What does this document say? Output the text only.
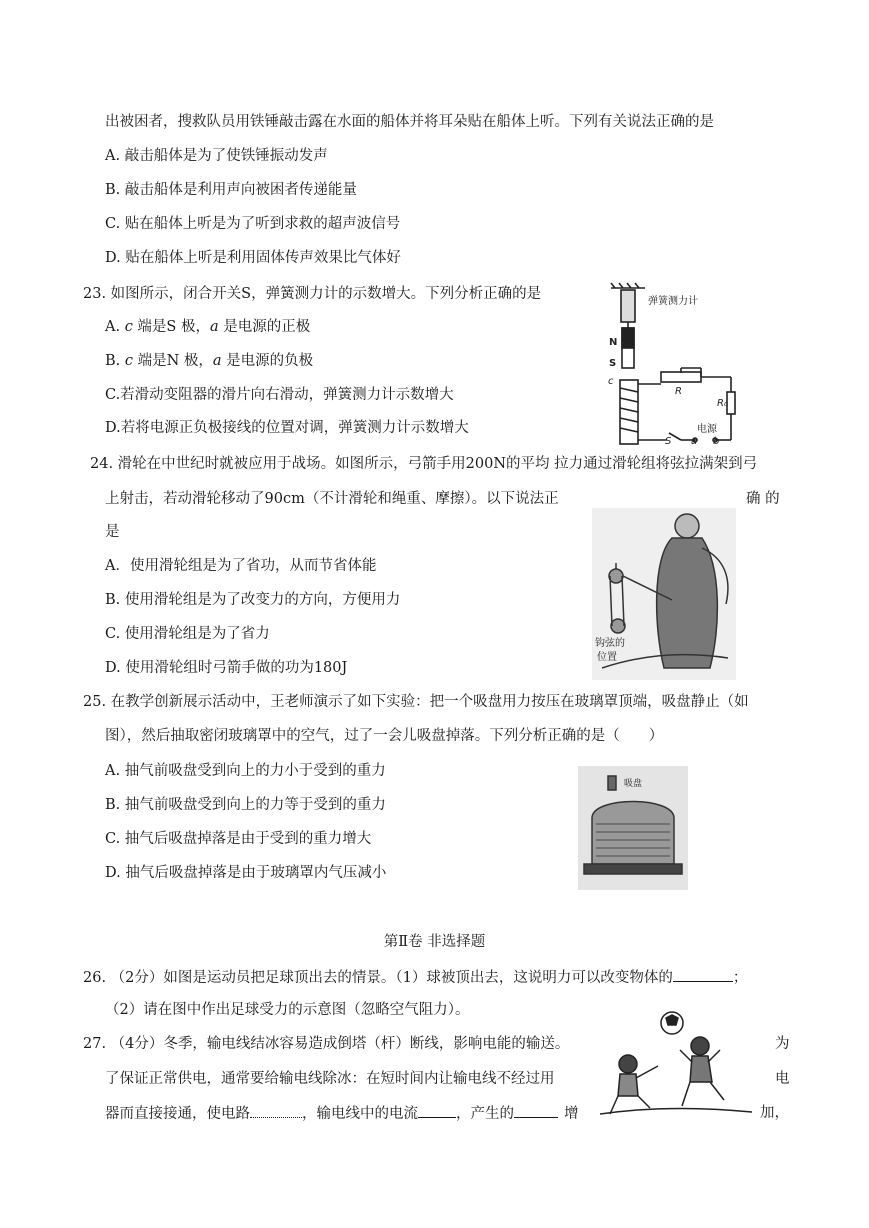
出被困者，搜救队员用铁锤敲击露在水面的船体并将耳朵贴在船体上听。下列有关说法正确的是
A. 敲击船体是为了使铁锤振动发声
B. 敲击船体是利用声向被困者传递能量
C. 贴在船体上听是为了听到求救的超声波信号
D. 贴在船体上听是利用固体传声效果比气体好
23. 如图所示，闭合开关S，弹簧测力计的示数增大。下列分析正确的是
A. c 端是S 极，a 是电源的正极
B. c 端是N 极，a 是电源的负极
C.若滑动变阻器的滑片向右滑动，弹簧测力计示数增大
D.若将电源正负极接线的位置对调，弹簧测力计示数增大
弹簧测力计
N
S
c
R
R₀
电源
S a b
24. 滑轮在中世纪时就被应用于战场。如图所示，弓箭手用200N的平均 拉力通过滑轮组将弦拉满架到弓
上射击，若动滑轮移动了90cm（不计滑轮和绳重、摩擦）。以下说法正	确 的
是
A．使用滑轮组是为了省功，从而节省体能
B. 使用滑轮组是为了改变力的方向，方便用力
C. 使用滑轮组是为了省力
D. 使用滑轮组时弓箭手做的功为180J
钩弦的
位置
25. 在教学创新展示活动中，王老师演示了如下实验：把一个吸盘用力按压在玻璃罩顶端，吸盘静止（如
图），然后抽取密闭玻璃罩中的空气，过了一会儿吸盘掉落。下列分析正确的是（　　）
A. 抽气前吸盘受到向上的力小于受到的重力
B. 抽气前吸盘受到向上的力等于受到的重力
C. 抽气后吸盘掉落是由于受到的重力增大
D. 抽气后吸盘掉落是由于玻璃罩内气压减小
吸盘
第Ⅱ卷 非选择题
26. （2分）如图是运动员把足球顶出去的情景。（1）球被顶出去，这说明力可以改变物体的	；
（2）请在图中作出足球受力的示意图（忽略空气阻力）。
27. （4分）冬季，输电线结冰容易造成倒塔（杆）断线，影响电能的输送。	为
了保证正常供电，通常要给输电线除冰：在短时间内让输电线不经过用	电
器而直接接通，使电路	，输电线中的电流	，产生的	增	加，
